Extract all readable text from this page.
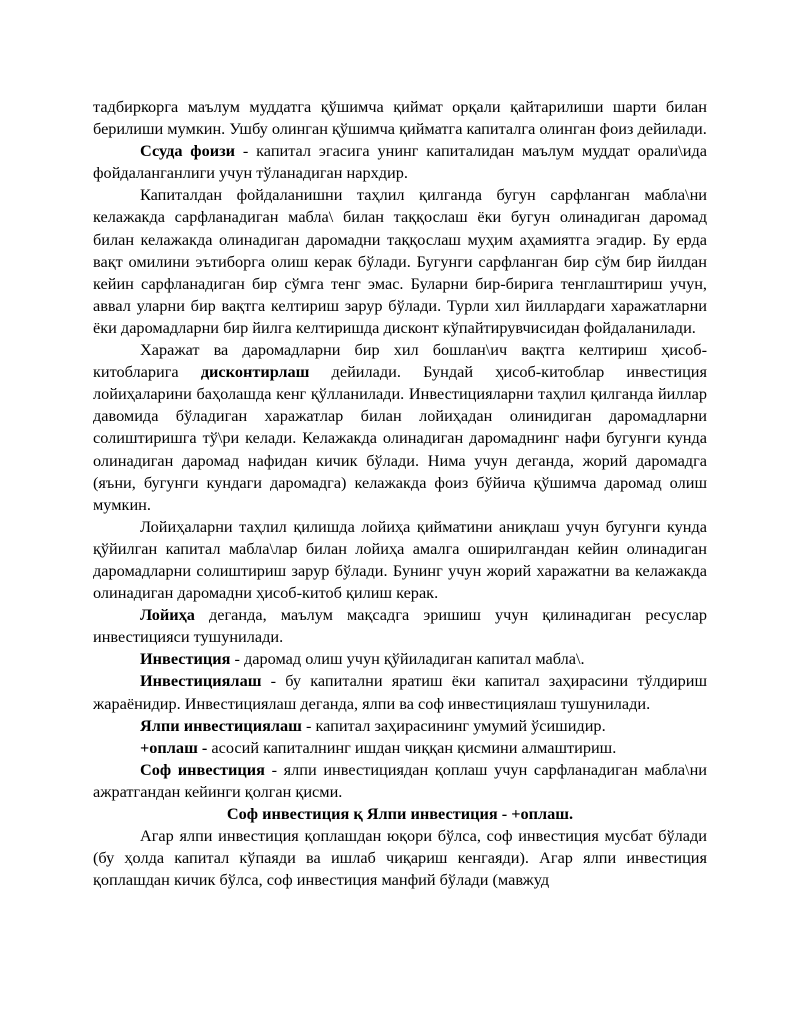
тадбиркорга маълум муддатга қўшимча қиймат орқали қайтарилиши шарти билан берилиши мумкин. Ушбу олинган қўшимча қийматга капиталга олинган фоиз дейилади.

Ссуда фоизи - капитал эгасига унинг капиталидан маълум муддат орали\ида фойдаланганлиги учун тўланадиган нархдир.

Капиталдан фойдаланишни таҳлил қилганда бугун сарфланган мабла\ни келажакда сарфланадиган мабла\ билан таққослаш ёки бугун олинадиган даромад билан келажакда олинадиган даромадни таққослаш муҳим аҳамиятга эгадир. Бу ерда вақт омилини эътиборга олиш керак бўлади. Бугунги сарфланган бир сўм бир йилдан кейин сарфланадиган бир сўмга тенг эмас. Буларни бир-бирига тенглаштириш учун, аввал уларни бир вақтга келтириш зарур бўлади. Турли хил йиллардаги харажатларни ёки даромадларни бир йилга келтиришда дисконт кўпайтирувчисидан фойдаланилади.

Харажат ва даромадларни бир хил бошлан\ич вақтга келтириш ҳисоб-китобларига дисконтирлаш дейилади. Бундай ҳисоб-китоблар инвестиция лойиҳаларини баҳолашда кенг қўлланилади. Инвестицияларни таҳлил қилганда йиллар давомида бўладиган харажатлар билан лойиҳадан олинидиган даромадларни солиштиришга тў\ри келади. Келажакда олинадиган даромаднинг нафи бугунги кунда олинадиган даромад нафидан кичик бўлади. Нима учун деганда, жорий даромадга (яъни, бугунги кундаги даромадга) келажакда фоиз бўйича қўшимча даромад олиш мумкин.

Лойиҳаларни таҳлил қилишда лойиҳа қийматини аниқлаш учун бугунги кунда қўйилган капитал мабла\лар билан лойиҳа амалга оширилгандан кейин олинадиган даромадларни солиштириш зарур бўлади. Бунинг учун жорий харажатни ва келажакда олинадиган даромадни ҳисоб-китоб қилиш керак.

Лойиҳа деганда, маълум мақсадга эришиш учун қилинадиган ресуслар инвестицияси тушунилади.

Инвестиция - даромад олиш учун қўйиладиган капитал мабла\.

Инвестициялаш - бу капитални яратиш ёки капитал заҳирасини тўлдириш жараёнидир. Инвестициялаш деганда, ялпи ва соф инвестициялаш тушунилади.

Ялпи инвестициялаш - капитал заҳирасининг умумий ўсишидир.

+оплаш - асосий капиталнинг ишдан чиққан қисмини алмаштириш.

Соф инвестиция - ялпи инвестициядан қоплаш учун сарфланадиган мабла\ни ажратгандан кейинги қолган қисми.

Соф инвестиция қ Ялпи инвестиция - +оплаш.

Агар ялпи инвестиция қоплашдан юқори бўлса, соф инвестиция мусбат бўлади (бу ҳолда капитал кўпаяди ва ишлаб чиқариш кенгаяди). Агар ялпи инвестиция қоплашдан кичик бўлса, соф инвестиция манфий бўлади (мавжуд
